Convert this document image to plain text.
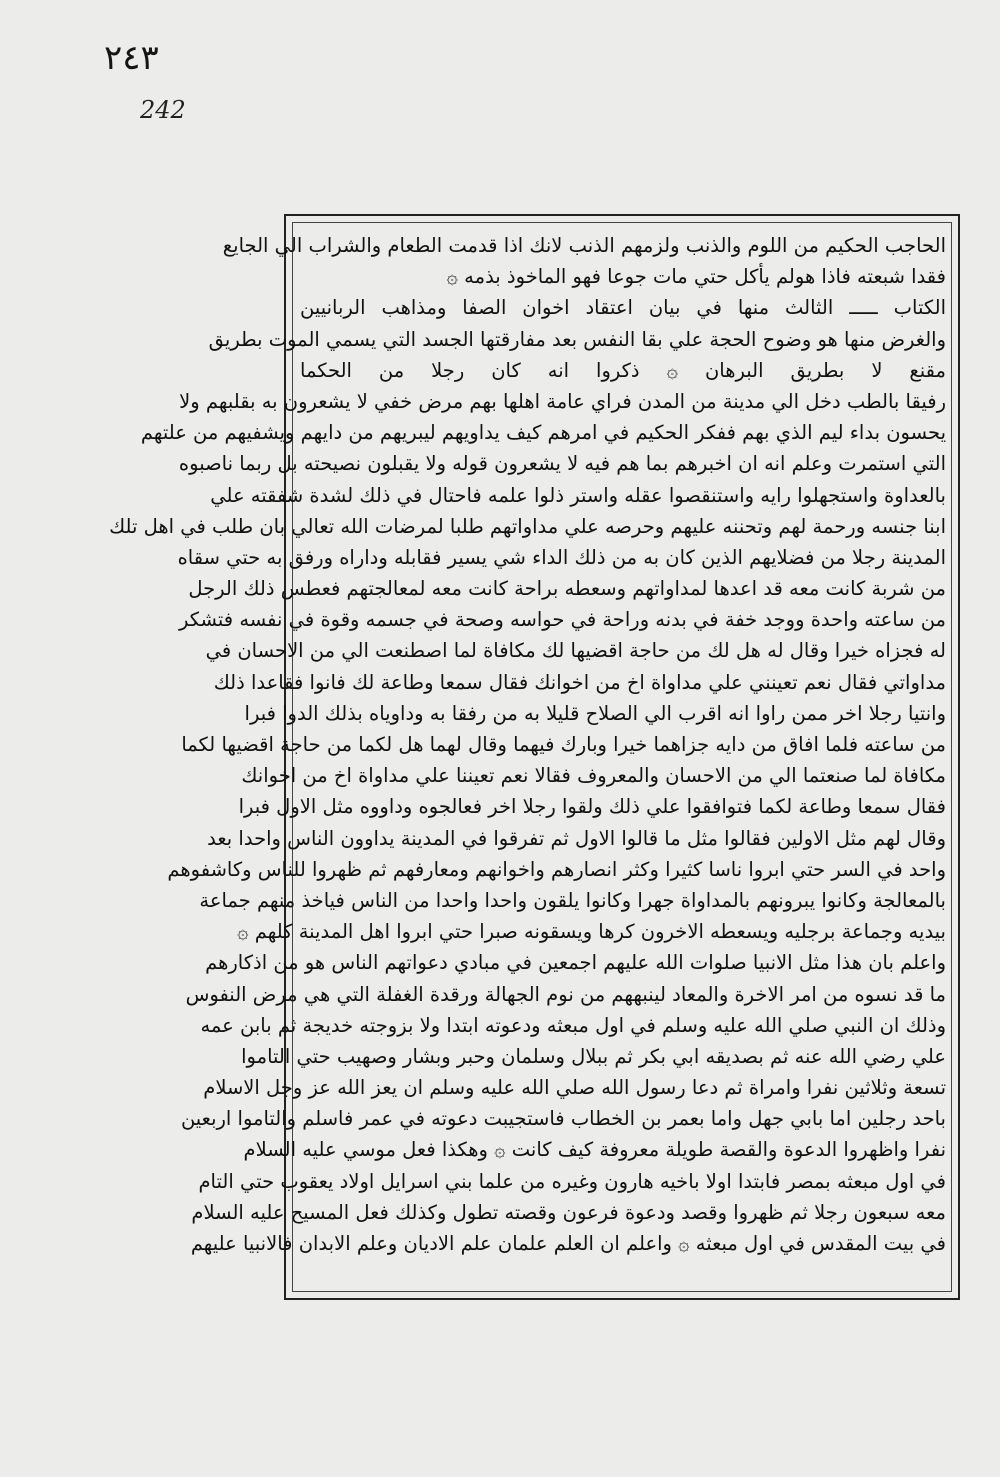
٢٤٣
242
الحاجب الحكيم من اللوم والذنب ولزمهم الذنب لانك اذا قدمت الطعام والشراب الي الجايع
فقدا شبعته فاذا هولم يأكل حتي مات جوعا فهو الماخوذ بذمه ۞
الكتاب ـــــ الثالث منها في بيان اعتقاد اخوان الصفا ومذاهب الربانيين
والغرض منها هو وضوح الحجة علي بقا النفس بعد مفارقتها الجسد التي يسمي الموت بطريق
مقنع لا بطريق البرهان ۞ ذكروا انه كان رجلا من الحكما
رفيقا بالطب دخل الي مدينة من المدن فراي عامة اهلها بهم مرض خفي لا يشعرون به بقلبهم ولا
يحسون بداء ليم الذي بهم ففكر الحكيم في امرهم كيف يداويهم ليبريهم من دايهم ويشفيهم من علتهم
التي استمرت وعلم انه ان اخبرهم بما هم فيه لا يشعرون قوله ولا يقبلون نصيحته بل ربما ناصبوه
بالعداوة واستجهلوا رايه واستنقصوا عقله واستر ذلوا علمه فاحتال في ذلك لشدة شفقته علي
ابنا جنسه ورحمة لهم وتحننه عليهم وحرصه علي مداواتهم طلبا لمرضات الله تعالي بان طلب في اهل تلك
المدينة رجلا من فضلايهم الذين كان به من ذلك الداء شي يسير فقابله وداراه ورفق به حتي سقاه
من شربة كانت معه قد اعدها لمداواتهم وسعطه براحة كانت معه لمعالجتهم فعطس ذلك الرجل
من ساعته واحدة ووجد خفة في بدنه وراحة في حواسه وصحة في جسمه وقوة في نفسه فتشكر
له فجزاه خيرا وقال له هل لك من حاجة اقضيها لك مكافاة لما اصطنعت الي من الاحسان في
مداواتي فقال نعم تعينني علي مداواة اخ من اخوانك فقال سمعا وطاعة لك فانوا فقاعدا ذلك
وانتيا رجلا اخر ممن راوا انه اقرب الي الصلاح قليلا به من رفقا به وداوياه بذلك الدوا فبرا
من ساعته فلما افاق من دايه جزاهما خيرا وبارك فيهما وقال لهما هل لكما من حاجة اقضيها لكما
مكافاة لما صنعتما الي من الاحسان والمعروف فقالا نعم تعيننا علي مداواة اخ من اخوانك
فقال سمعا وطاعة لكما فتوافقوا علي ذلك ولقوا رجلا اخر فعالجوه وداووه مثل الاول فبرا
وقال لهم مثل الاولين فقالوا مثل ما قالوا الاول ثم تفرقوا في المدينة يداوون الناس واحدا بعد
واحد في السر حتي ابروا ناسا كثيرا وكثر انصارهم واخوانهم ومعارفهم ثم ظهروا للناس وكاشفوهم
بالمعالجة وكانوا يبرونهم بالمداواة جهرا وكانوا يلقون واحدا واحدا من الناس فياخذ منهم جماعة
بيديه وجماعة برجليه ويسعطه الاخرون كرها ويسقونه صبرا حتي ابروا اهل المدينة كلهم ۞
واعلم بان هذا مثل الانبيا صلوات الله عليهم اجمعين في مبادي دعواتهم الناس هو من اذكارهم
ما قد نسوه من امر الاخرة والمعاد لينبههم من نوم الجهالة ورقدة الغفلة التي هي مرض النفوس
وذلك ان النبي صلي الله عليه وسلم في اول مبعثه ودعوته ابتدا ولا بزوجته خديجة ثم بابن عمه
علي رضي الله عنه ثم بصديقه ابي بكر ثم ببلال وسلمان وحبر وبشار وصهيب حتي التاموا
تسعة وثلاثين نفرا وامراة ثم دعا رسول الله صلي الله عليه وسلم ان يعز الله عز وجل الاسلام
باحد رجلين اما بابي جهل واما بعمر بن الخطاب فاستجيبت دعوته في عمر فاسلم والتاموا اربعين
نفرا واظهروا الدعوة والقصة طويلة معروفة كيف كانت ۞ وهكذا فعل موسي عليه السلام
في اول مبعثه بمصر فابتدا اولا باخيه هارون وغيره من علما بني اسرايل اولاد يعقوب حتي التام
معه سبعون رجلا ثم ظهروا وقصد ودعوة فرعون وقصته تطول وكذلك فعل المسيح عليه السلام
في بيت المقدس في اول مبعثه ۞ واعلم ان العلم علمان علم الاديان وعلم الابدان فالانبيا عليهم
